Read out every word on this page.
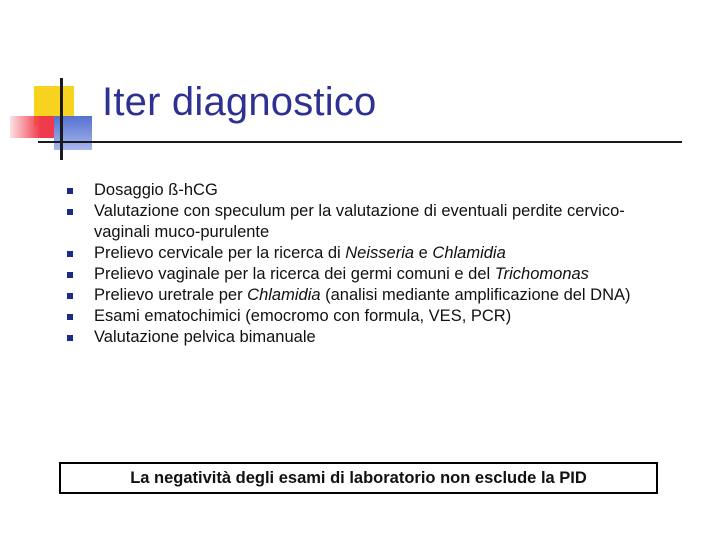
Iter diagnostico
Dosaggio ß-hCG
Valutazione con speculum per la valutazione di eventuali perdite cervico-vaginali muco-purulente
Prelievo cervicale per la ricerca di Neisseria e Chlamidia
Prelievo vaginale per la ricerca dei germi comuni e del Trichomonas
Prelievo uretrale per Chlamidia (analisi mediante amplificazione del DNA)
Esami ematochimici (emocromo con formula, VES, PCR)
Valutazione pelvica bimanuale
La negatività degli esami di laboratorio non esclude la PID
